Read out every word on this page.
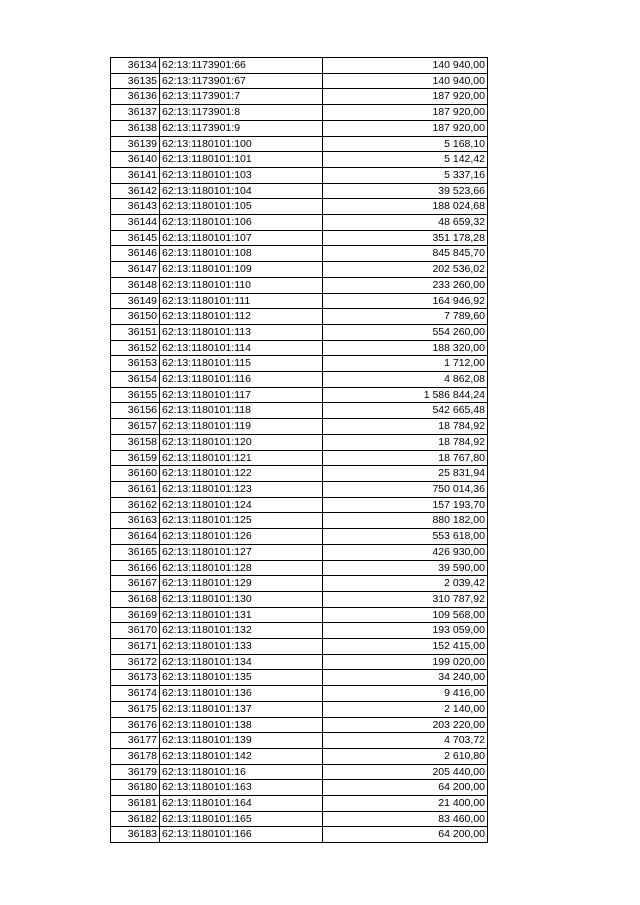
36134	62:13:1173901:66	140 940,00
36135	62:13:1173901:67	140 940,00
36136	62:13:1173901:7	187 920,00
36137	62:13:1173901:8	187 920,00
36138	62:13:1173901:9	187 920,00
36139	62:13:1180101:100	5 168,10
36140	62:13:1180101:101	5 142,42
36141	62:13:1180101:103	5 337,16
36142	62:13:1180101:104	39 523,66
36143	62:13:1180101:105	188 024,68
36144	62:13:1180101:106	48 659,32
36145	62:13:1180101:107	351 178,28
36146	62:13:1180101:108	845 845,70
36147	62:13:1180101:109	202 536,02
36148	62:13:1180101:110	233 260,00
36149	62:13:1180101:111	164 946,92
36150	62:13:1180101:112	7 789,60
36151	62:13:1180101:113	554 260,00
36152	62:13:1180101:114	188 320,00
36153	62:13:1180101:115	1 712,00
36154	62:13:1180101:116	4 862,08
36155	62:13:1180101:117	1 586 844,24
36156	62:13:1180101:118	542 665,48
36157	62:13:1180101:119	18 784,92
36158	62:13:1180101:120	18 784,92
36159	62:13:1180101:121	18 767,80
36160	62:13:1180101:122	25 831,94
36161	62:13:1180101:123	750 014,36
36162	62:13:1180101:124	157 193,70
36163	62:13:1180101:125	880 182,00
36164	62:13:1180101:126	553 618,00
36165	62:13:1180101:127	426 930,00
36166	62:13:1180101:128	39 590,00
36167	62:13:1180101:129	2 039,42
36168	62:13:1180101:130	310 787,92
36169	62:13:1180101:131	109 568,00
36170	62:13:1180101:132	193 059,00
36171	62:13:1180101:133	152 415,00
36172	62:13:1180101:134	199 020,00
36173	62:13:1180101:135	34 240,00
36174	62:13:1180101:136	9 416,00
36175	62:13:1180101:137	2 140,00
36176	62:13:1180101:138	203 220,00
36177	62:13:1180101:139	4 703,72
36178	62:13:1180101:142	2 610,80
36179	62:13:1180101:16	205 440,00
36180	62:13:1180101:163	64 200,00
36181	62:13:1180101:164	21 400,00
36182	62:13:1180101:165	83 460,00
36183	62:13:1180101:166	64 200,00
